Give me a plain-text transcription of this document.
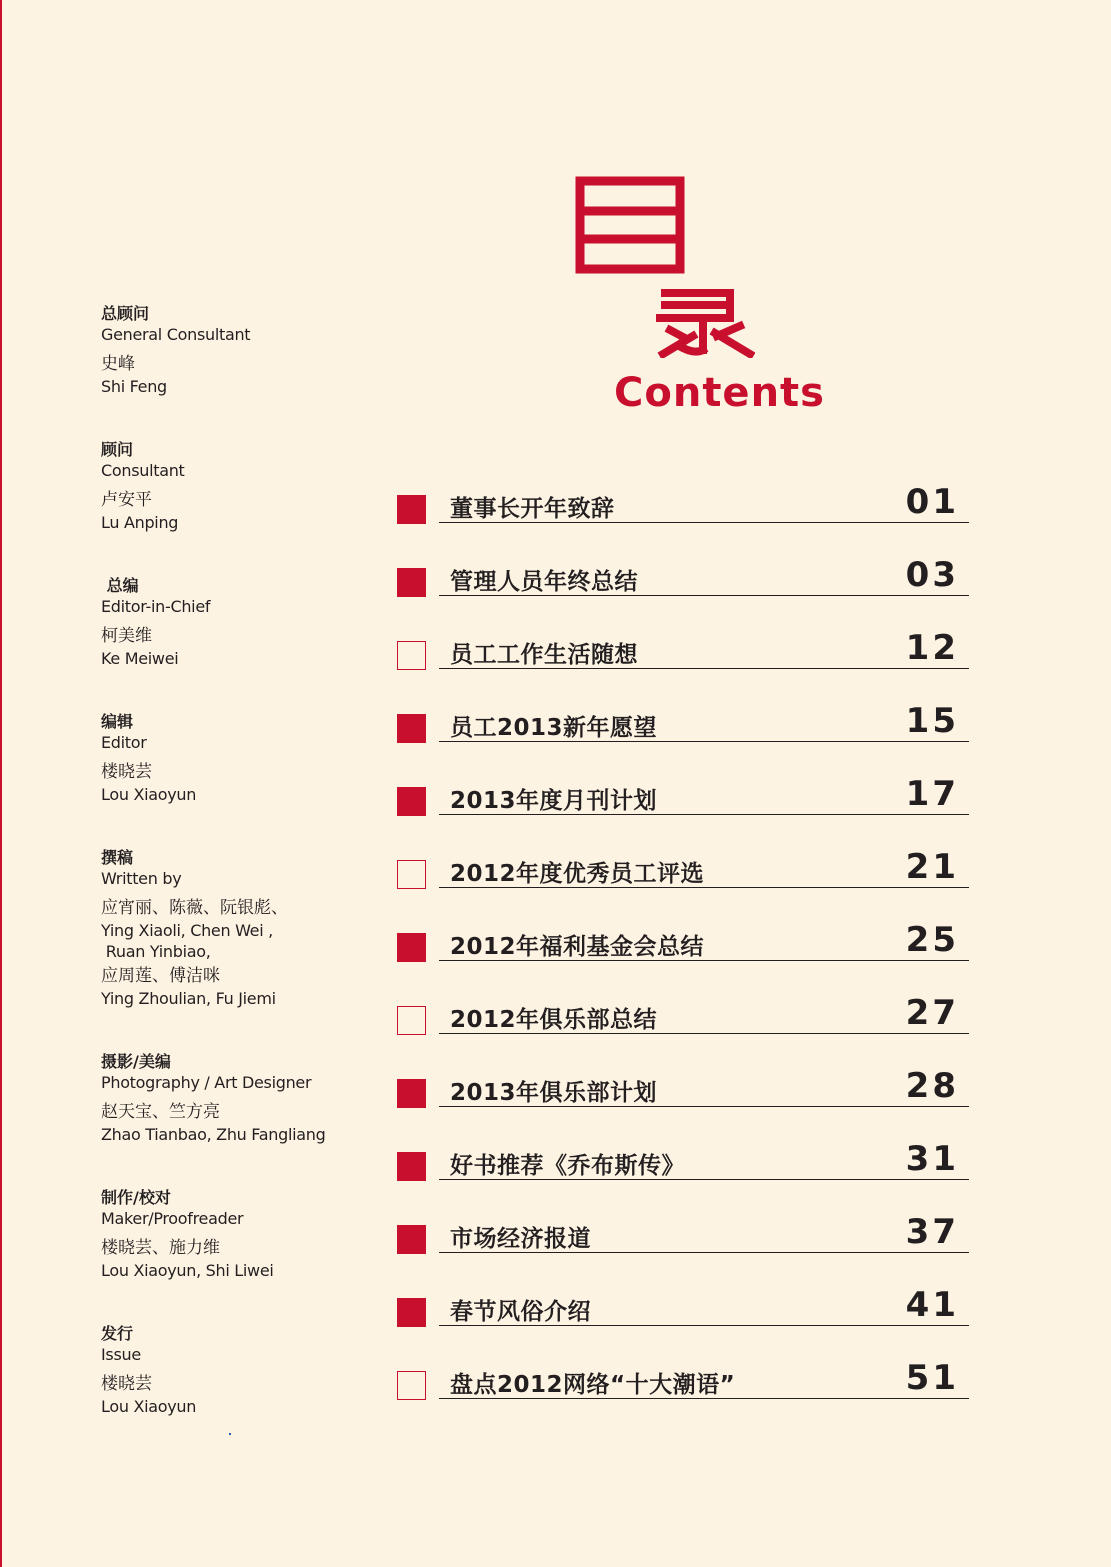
Contents
总顾问
General Consultant
史峰
Shi Feng
顾问
Consultant
卢安平
Lu Anping
总编
Editor-in-Chief
柯美维
Ke Meiwei
编辑
Editor
楼晓芸
Lou Xiaoyun
撰稿
Written by
应宵丽、陈薇、阮银彪、
Ying Xiaoli, Chen Wei ,
Ruan Yinbiao,
应周莲、傅洁咪
Ying Zhoulian, Fu Jiemi
摄影/美编
Photography / Art Designer
赵天宝、竺方亮
Zhao Tianbao, Zhu Fangliang
制作/校对
Maker/Proofreader
楼晓芸、施力维
Lou Xiaoyun, Shi Liwei
发行
Issue
楼晓芸
Lou Xiaoyun
董事长开年致辞	01
管理人员年终总结	03
员工工作生活随想	12
员工2013新年愿望	15
2013年度月刊计划	17
2012年度优秀员工评选	21
2012年福利基金会总结	25
2012年俱乐部总结	27
2013年俱乐部计划	28
好书推荐《乔布斯传》	31
市场经济报道	37
春节风俗介绍	41
盘点2012网络“十大潮语”	51
